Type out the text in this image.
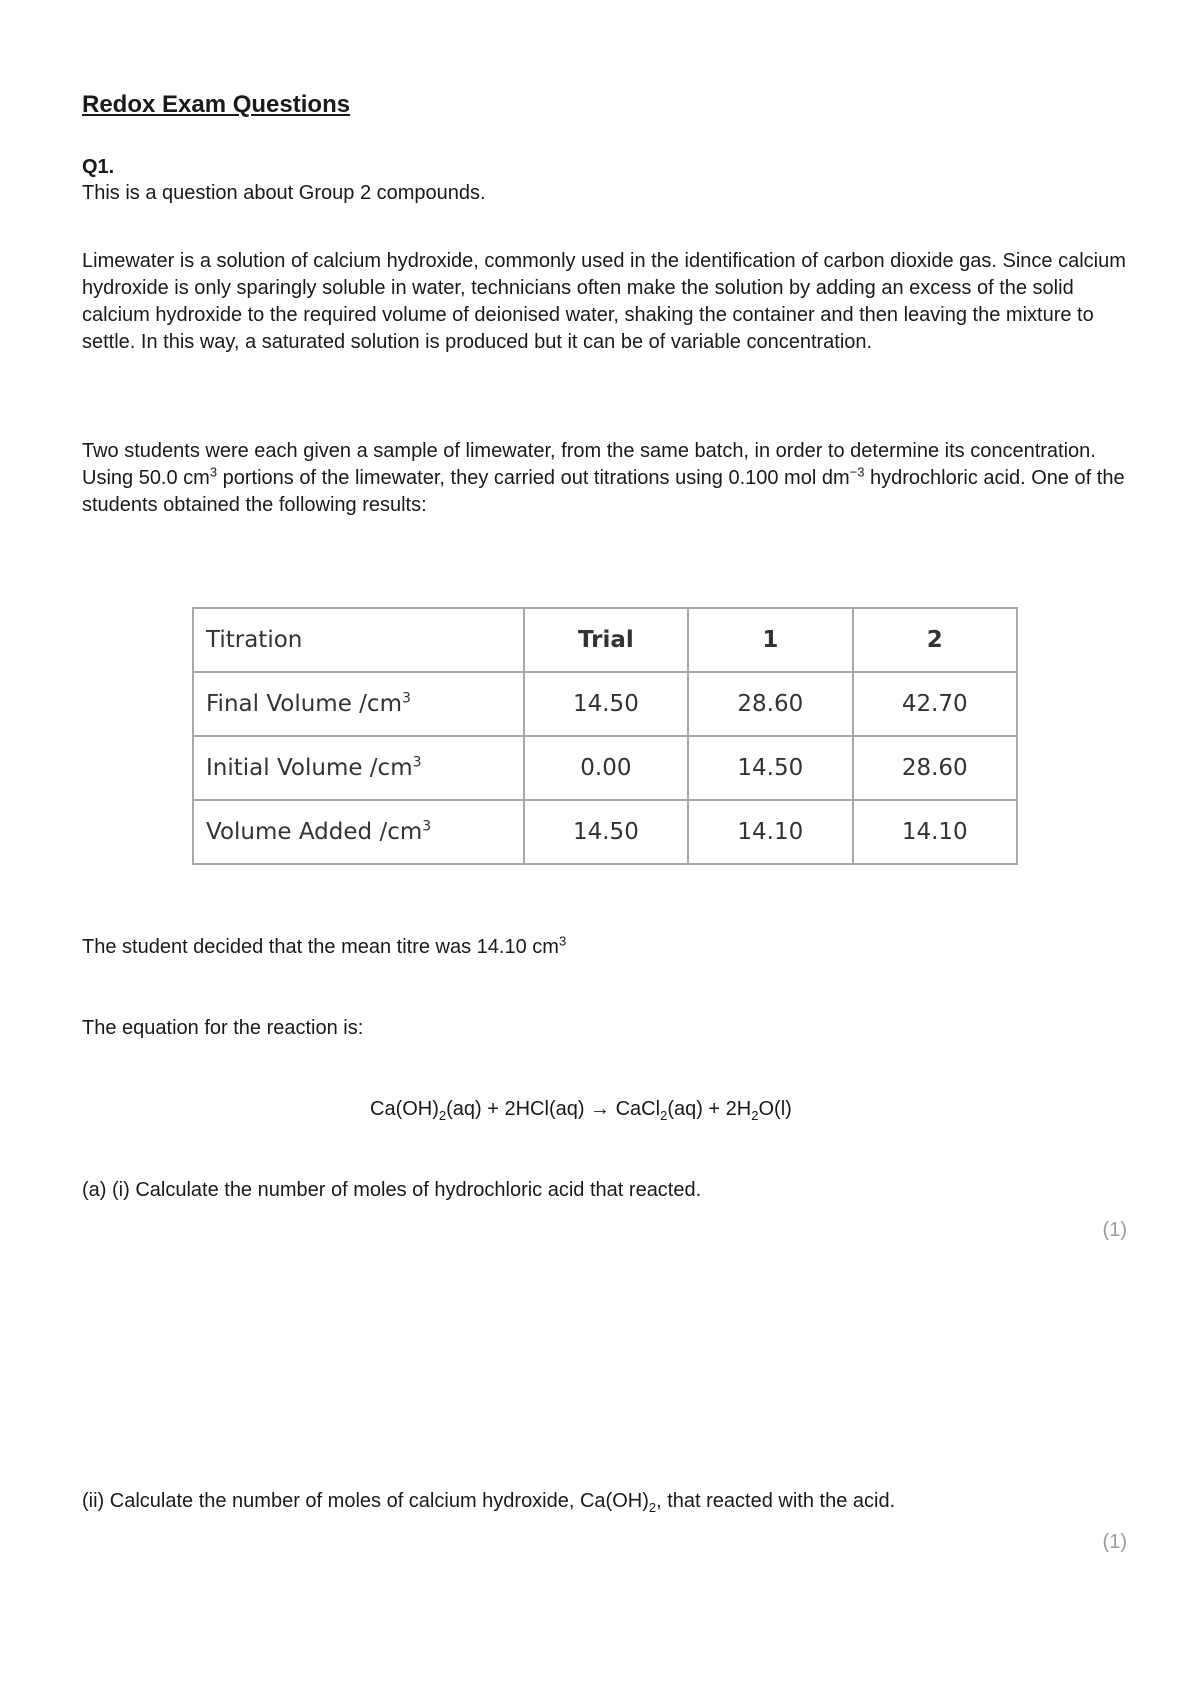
Redox Exam Questions
Q1.

This is a question about Group 2 compounds.

Limewater is a solution of calcium hydroxide, commonly used in the identification of carbon dioxide gas. Since calcium hydroxide is only sparingly soluble in water, technicians often make the solution by adding an excess of the solid calcium hydroxide to the required volume of deionised water, shaking the container and then leaving the mixture to settle. In this way, a saturated solution is produced but it can be of variable concentration.

Two students were each given a sample of limewater, from the same batch, in order to determine its concentration. Using 50.0 $cm^3$ portions of the limewater, they carried out titrations using 0.100 mol $dm^{-3}$ hydrochloric acid. One of the students obtained the following results:

Titration	Trial	1	2
Final Volume $/cm^3$	14.50	28.60	42.70
Initial Volume $/cm^3$	0.00	14.50	28.60
Volume Added $/cm^3$	14.50	14.10	14.10

The student decided that the mean titre was 14.10 $cm^3$

The equation for the reaction is:

$Ca(OH)_2(aq) + 2HCl(aq)$ → CaCl$_2$(aq) + $2H_2O(l)$

(a) (i) Calculate the number of moles of hydrochloric acid that reacted.

(1)

(ii) Calculate the number of moles of calcium hydroxide, $Ca(OH)_2$, that reacted with the acid.

(1)
